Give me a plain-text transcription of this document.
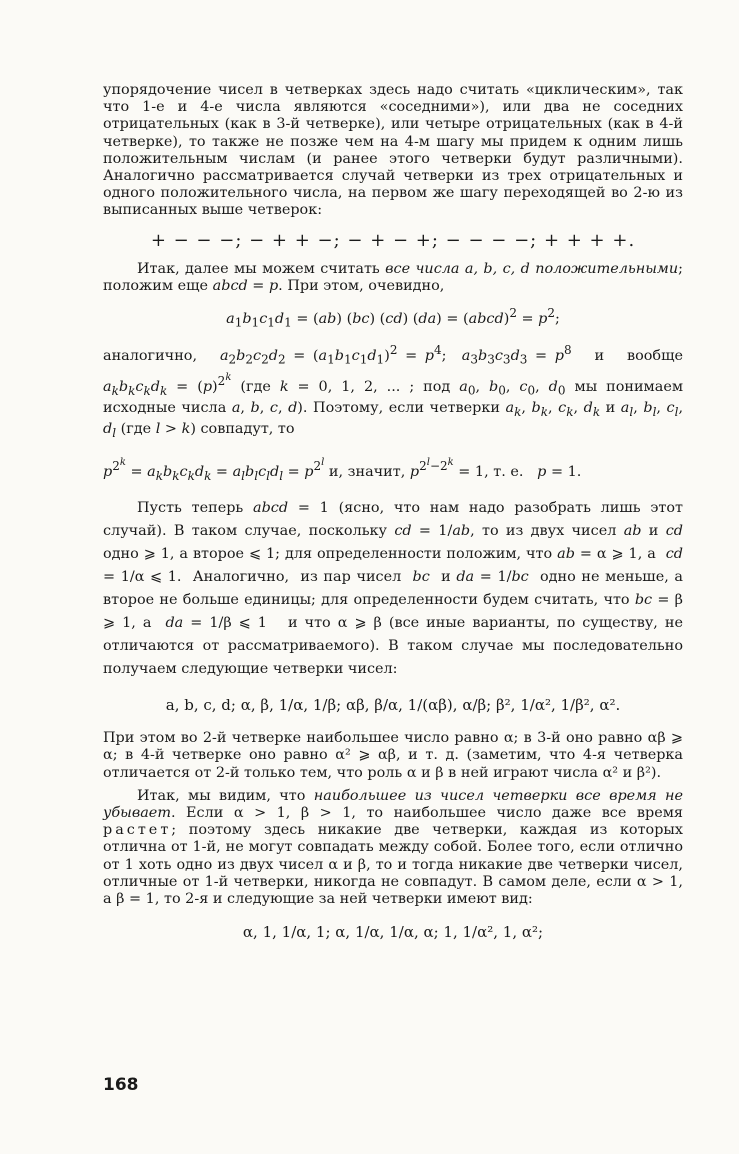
упорядочение чисел в четверках здесь надо считать «циклическим», так что 1-е и 4-е числа являются «соседними»), или два не соседних отрицательных (как в 3-й четверке), или четыре отрицательных (как в 4-й четверке), то также не позже чем на 4-м шагу мы придем к одним лишь положительным числам (и ранее этого четверки будут различными). Аналогично рассматривается случай четверки из трех отрицательных и одного положительного числа, на первом же шагу переходящей во 2-ю из выписанных выше четверок:

+ − − −; − + + −; − + − +; − − − −; + + + +.

Итак, далее мы можем считать все числа a, b, c, d положительными; положим еще abcd = p. При этом, очевидно,

$a_1b_1c_1d_1 = (ab)$ (bc) (cd) (da) = (abcd)$^2$ = $p^2$;

аналогично,   $a_2b_2c_2d_2 = (a_1b_1c_1d_1)^2 = p^4$;  $a_3b_3c_3d_3 = p^8$   и   вообще $a_kb_kc_kd_k = (p)^{2^k}$ (где k = 0, 1, 2, ... ; под $a_0$, $b_0$, $c_0$, $d_0$ мы понимаем исходные числа a, b, c, d). Поэтому, если четверки $a_k$, $b_k$, $c_k$, $d_k$ и $a_l$, $b_l$, $c_l$, $d_l$ (где l > k) совпадут, то

$p^{2^k} = a_kb_kc_kd_k = a_lb_lc_ld_l = p^{2^l}$ и, значит, $p^{2^l-2^k} = 1$, т. е.   p = 1.

Пусть теперь abcd = 1 (ясно, что нам надо разобрать лишь этот случай). В таком случае, поскольку cd = 1/ab, то из двух чисел ab и cd одно ⩾ 1, а второе ⩽ 1; для определенности положим, что ab = α ⩾ 1, а  cd = 1/α ⩽ 1.  Аналогично,  из пар чисел  bc  и da = 1/bc  одно не меньше, а второе не больше единицы; для определенности будем считать, что bc = β ⩾ 1, а  da = 1/β ⩽ 1   и что α ⩾ β (все иные варианты, по существу, не отличаются от рассматриваемого). В таком случае мы последовательно получаем следующие четверки чисел:

a, b, c, d; α, β, 1/α, 1/β; αβ, β/α, 1/(αβ), α/β; β², 1/α², 1/β², α².

При этом во 2-й четверке наибольшее число равно α; в 3-й оно равно αβ ⩾ α; в 4-й четверке оно равно α² ⩾ αβ, и т. д. (заметим, что 4-я четверка отличается от 2-й только тем, что роль α и β в ней играют числа α² и β²).

Итак, мы видим, что наибольшее из чисел четверки все время не убывает. Если α > 1, β > 1, то наибольшее число даже все время растет; поэтому здесь никакие две четверки, каждая из которых отлична от 1-й, не могут совпадать между собой. Более того, если отлично от 1 хоть одно из двух чисел α и β, то и тогда никакие две четверки чисел, отличные от 1-й четверки, никогда не совпадут. В самом деле, если α > 1, а β = 1, то 2-я и следующие за ней четверки имеют вид:

α, 1, 1/α, 1; α, 1/α, 1/α, α; 1, 1/α², 1, α²;
168
